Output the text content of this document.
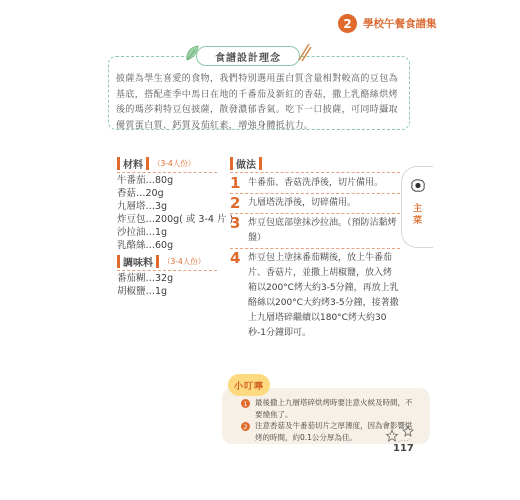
2	學校午餐食譜集
食譜設計理念
披薩為學生喜愛的食物，我們特別選用蛋白質含量相對較高的豆包為基底，搭配產季中馬日在地的千番茄及新紅的香菇，撒上乳酪絲烘烤後的瑪莎莉特豆包披薩，散發濃郁香氣。吃下一口披薩，可同時攝取優質蛋白質、鈣質及茄紅素，增強身體抵抗力。
材料 （3-4人份）
牛番茄…80g
香菇…20g
九層塔…3g
炸豆包…200g( 或 3-4 片 )
沙拉油…1g
乳酪絲…60g
調味料 （3-4人份）
番茄糊…32g
胡椒鹽…1g
做法
1 牛番茄、香菇洗淨後，切片備用。
2 九層塔洗淨後，切碎備用。
3 炸豆包底部塗抹沙拉油。（預防沾黏烤盤）
4 炸豆包上塗抹番茄糊後，放上牛番茄片、香菇片，並撒上胡椒鹽，放入烤箱以200°C烤大約3-5分鐘，再放上乳酪絲以200°C大約烤3-5分鐘，接著撒上九層塔碎繼續以180°C烤大約30秒-1分鐘即可。
主菜
小叮嚀
1 最後撒上九層塔碎烘烤時要注意火候及時間，不要燒焦了。
2 注意香菇及牛番茄切片之厚薄度，因為會影響烘烤的時間，約0.1公分厚為佳。
117
